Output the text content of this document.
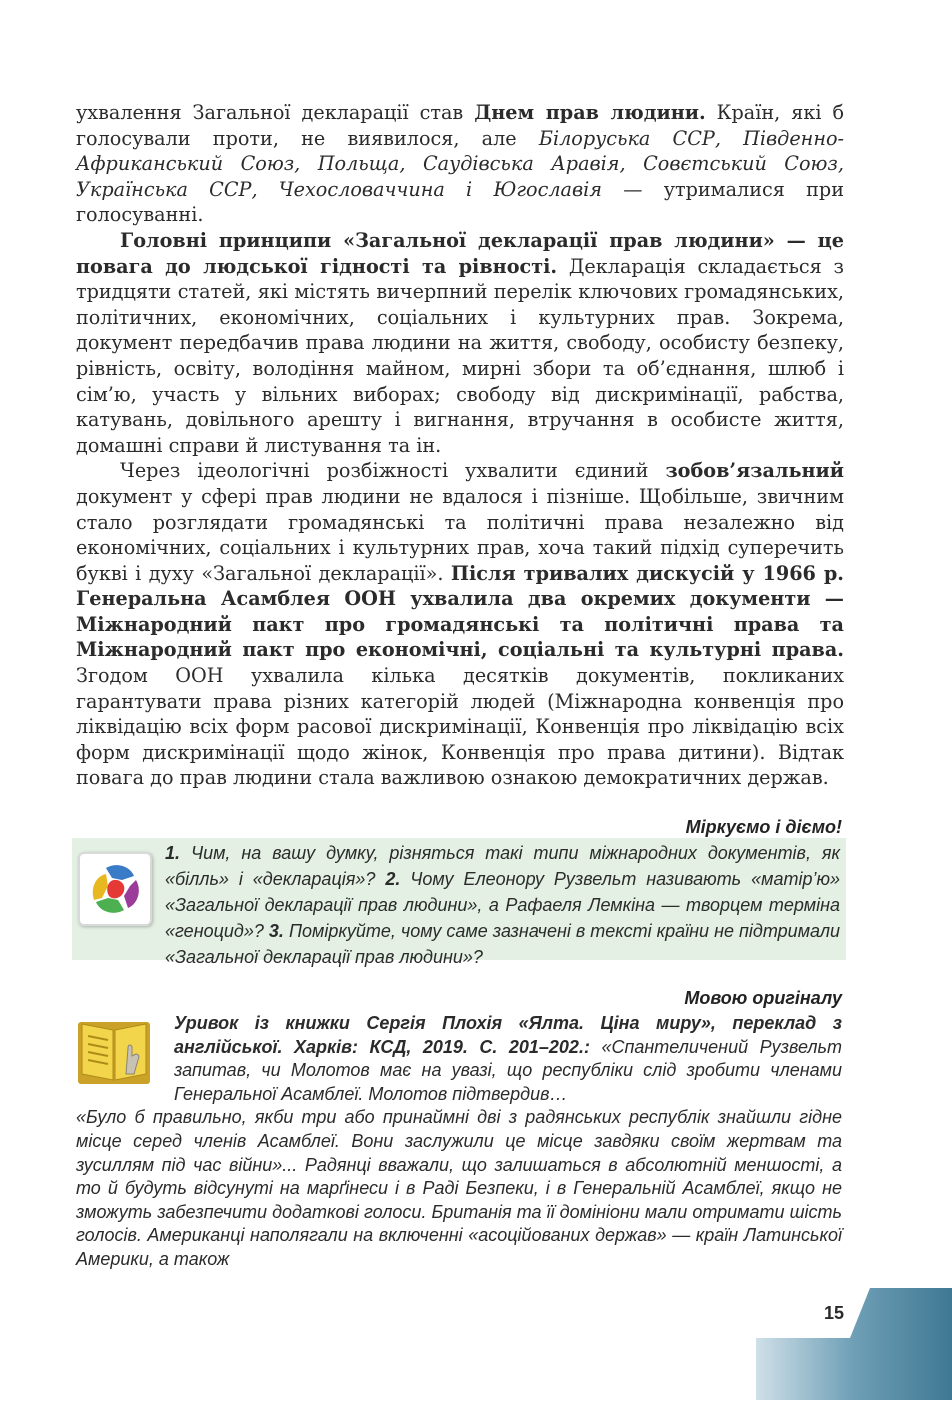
ухвалення Загальної декларації став Днем прав людини. Країн, які б голосували проти, не виявилося, але Білоруська ССР, Південно-Африканський Союз, Польща, Саудівська Аравія, Совєтський Союз, Українська ССР, Чехословаччина і Югославія — утрималися при голосуванні.

Головні принципи «Загальної декларації прав людини» — це повага до людської гідності та рівності. Декларація складається з тридцяти статей, які містять вичерпний перелік ключових громадянських, політичних, економічних, соціальних і культурних прав. Зокрема, документ передбачив права людини на життя, свободу, особисту безпеку, рівність, освіту, володіння майном, мирні збори та об’єднання, шлюб і сім’ю, участь у вільних виборах; свободу від дискримінації, рабства, катувань, довільного арешту і вигнання, втручання в особисте життя, домашні справи й листування та ін.

Через ідеологічні розбіжності ухвалити єдиний зобов’язальний документ у сфері прав людини не вдалося і пізніше. Щобільше, звичним стало розглядати громадянські та політичні права незалежно від економічних, соціальних і культурних прав, хоча такий підхід суперечить букві і духу «Загальної декларації». Після тривалих дискусій у 1966 р. Генеральна Асамблея ООН ухвалила два окремих документи — Міжнародний пакт про громадянські та політичні права та Міжнародний пакт про економічні, соціальні та культурні права. Згодом ООН ухвалила кілька десятків документів, покликаних гарантувати права різних категорій людей (Міжнародна конвенція про ліквідацію всіх форм расової дискримінації, Конвенція про ліквідацію всіх форм дискримінації щодо жінок, Конвенція про права дитини). Відтак повага до прав людини стала важливою ознакою демократичних держав.

Міркуємо і діємо!
1. Чим, на вашу думку, різняться такі типи міжнародних документів, як «білль» і «декларація»? 2. Чому Елеонору Рузвельт називають «матір’ю» «Загальної декларації прав людини», а Рафаеля Лемкіна — творцем терміна «геноцид»? 3. Поміркуйте, чому саме зазначені в тексті країни не підтримали «Загальної декларації прав людини»?
Мовою оригіналу
Уривок із книжки Сергія Плохія «Ялта. Ціна миру», переклад з англійської. Харків: КСД, 2019. С. 201–202.: «Спантеличений Рузвельт запитав, чи Молотов має на увазі, що республіки слід зробити членами Генеральної Асамблеї. Молотов підтвердив…
«Було б правильно, якби три або принаймні дві з радянських республік знайшли гідне місце серед членів Асамблеї. Вони заслужили це місце завдяки своїм жертвам та зусиллям під час війни»... Радянці вважали, що залишаться в абсолютній меншості, а то й будуть відсунуті на марґінеси і в Раді Безпеки, і в Генеральній Асамблеї, якщо не зможуть забезпечити додаткові голоси. Британія та її домініони мали отримати шість голосів. Американці наполягали на включенні «асоційованих держав» — країн Латинської Америки, а також
15
